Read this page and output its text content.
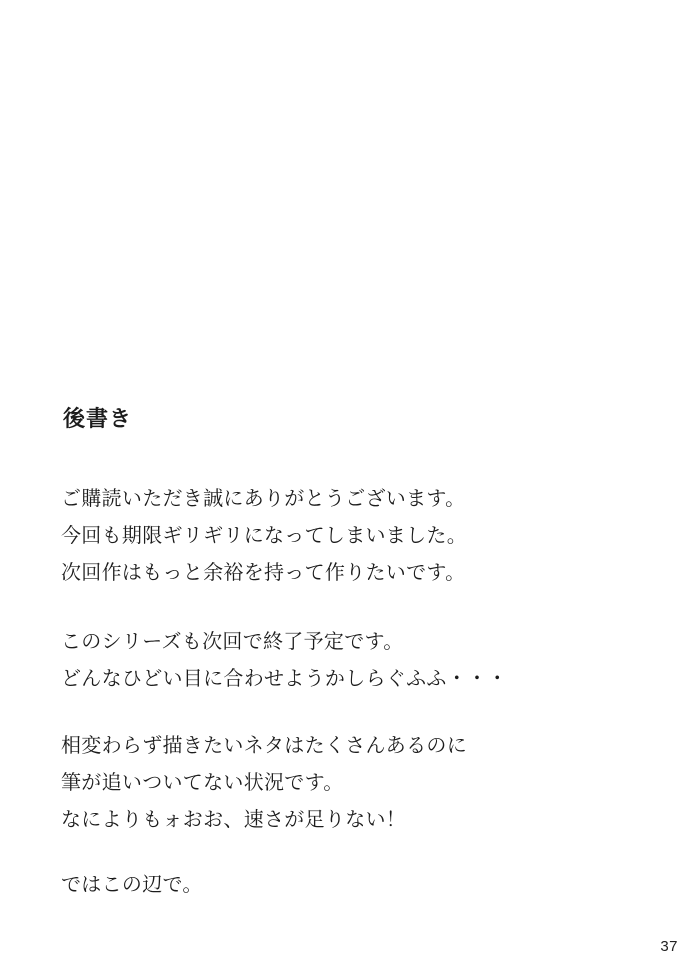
後書き
ご購読いただき誠にありがとうございます。
今回も期限ギリギリになってしまいました。
次回作はもっと余裕を持って作りたいです。
このシリーズも次回で終了予定です。
どんなひどい目に合わせようかしらぐふふ・・・
相変わらず描きたいネタはたくさんあるのに
筆が追いついてない状況です。
なによりもォおお、速さが足りない！
ではこの辺で。
37
